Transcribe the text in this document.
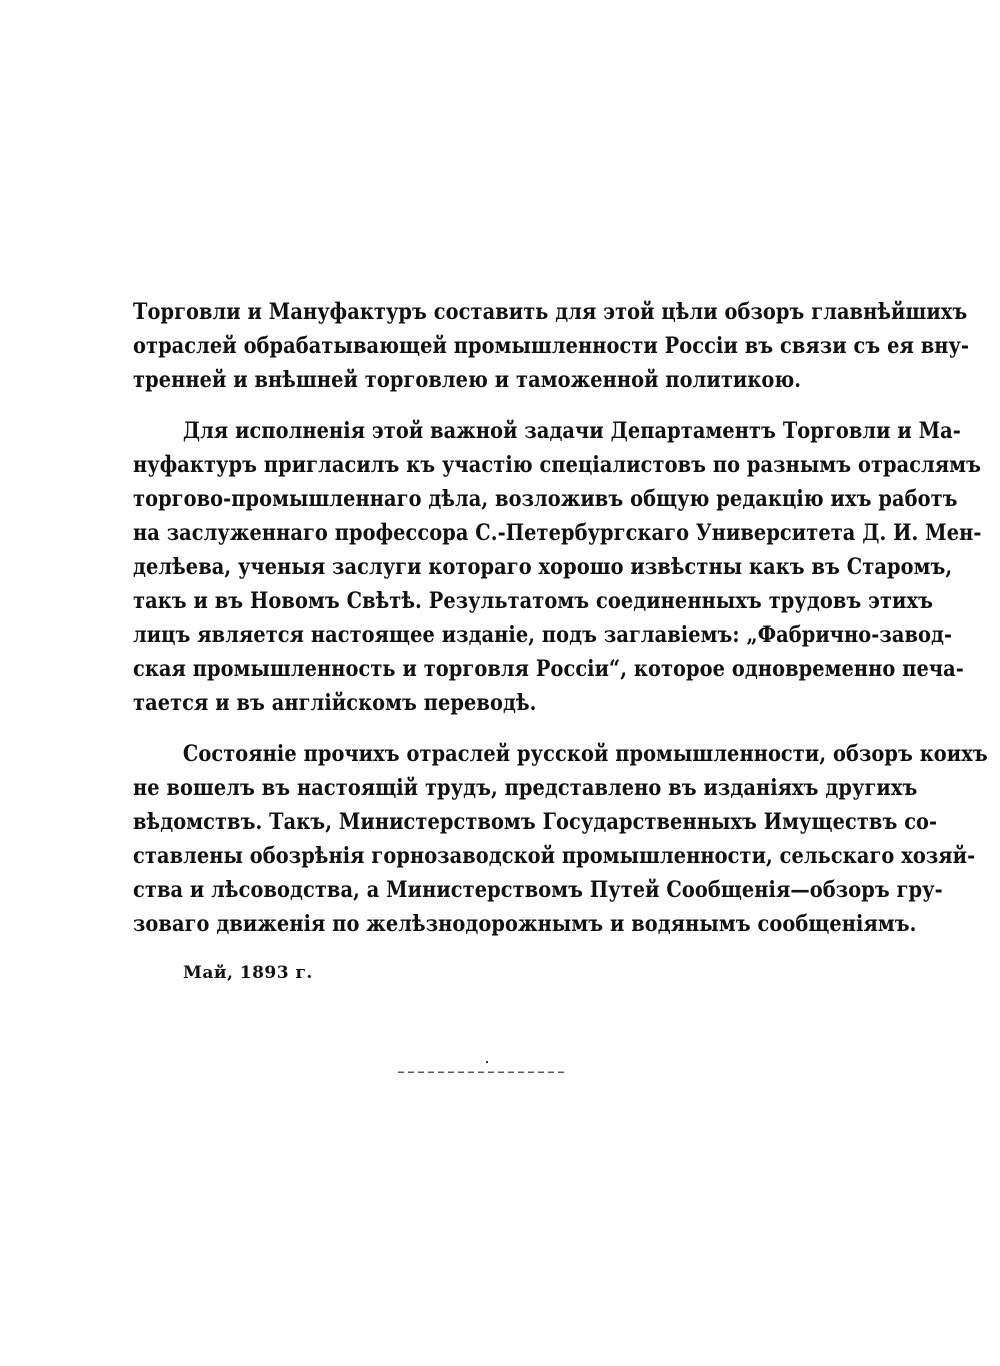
Торговли и Мануфактуръ составить для этой цѣли обзоръ главнѣйшихъ
отраслей обрабатывающей промышленности Россіи въ связи съ ея вну-
тренней и внѣшней торговлею и таможенной политикою.
Для исполненія этой важной задачи Департаментъ Торговли и Ма-
нуфактуръ пригласилъ къ участію спеціалистовъ по разнымъ отраслямъ
торгово-промышленнаго дѣла, возложивъ общую редакцію ихъ работъ
на заслуженнаго профессора С.-Петербургскаго Университета Д. И. Мен-
делѣева, ученыя заслуги котораго хорошо извѣстны какъ въ Старомъ,
такъ и въ Новомъ Свѣтѣ. Результатомъ соединенныхъ трудовъ этихъ
лицъ является настоящее изданіе, подъ заглавіемъ: „Фабрично-завод-
ская промышленность и торговля Россіи“, которое одновременно печа-
тается и въ англійскомъ переводѣ.
Состояніе прочихъ отраслей русской промышленности, обзоръ коихъ
не вошелъ въ настоящій трудъ, представлено въ изданіяхъ другихъ
вѣдомствъ. Такъ, Министерствомъ Государственныхъ Имуществъ со-
ставлены обозрѣнія горнозаводской промышленности, сельскаго хозяй-
ства и лѣсоводства, а Министерствомъ Путей Сообщенія—обзоръ гру-
зоваго движенія по желѣзнодорожнымъ и водянымъ сообщеніямъ.
Май, 1893 г.
